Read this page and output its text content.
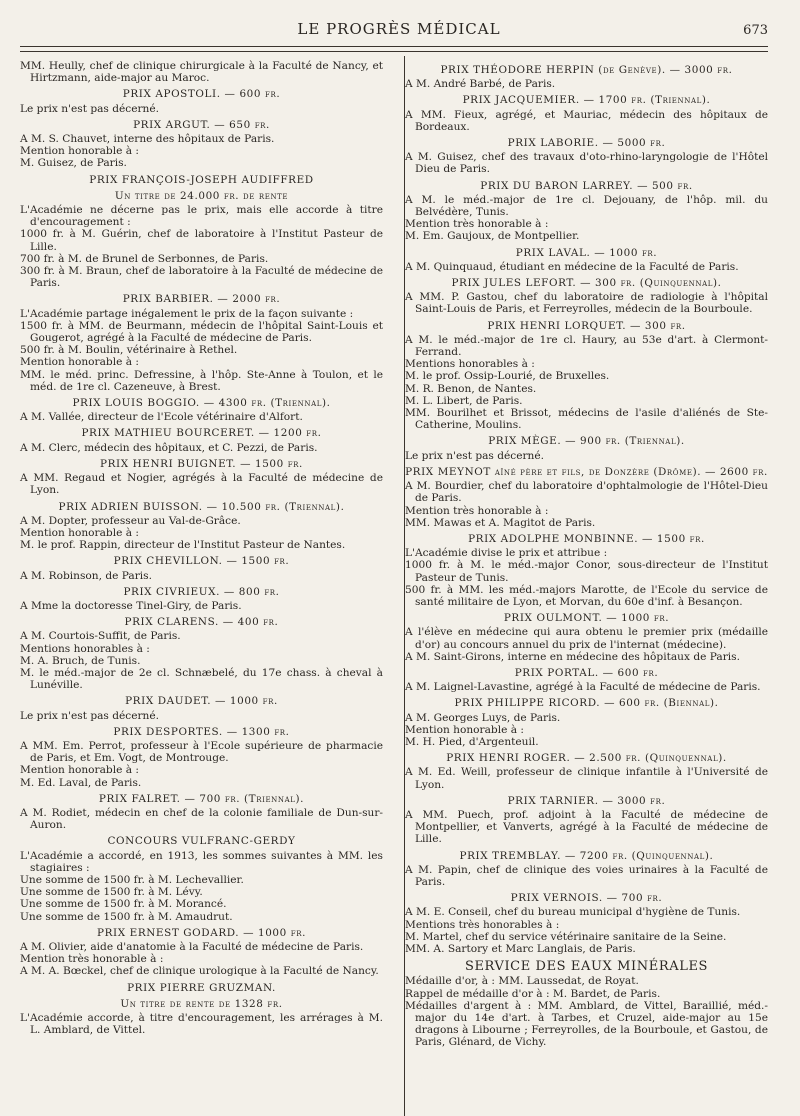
LE PROGRÈS MÉDICAL	673

MM. Heully, chef de clinique chirurgicale à la Faculté de Nancy, et Hirtzmann, aide-major au Maroc.

PRIX APOSTOLI. — 600 fr.

Le prix n'est pas décerné.

PRIX ARGUT. — 650 fr.

A M. S. Chauvet, interne des hôpitaux de Paris.

Mention honorable à :

M. Guisez, de Paris.

PRIX FRANÇOIS-JOSEPH AUDIFFRED
Un titre de 24.000 fr. de rente

L'Académie ne décerne pas le prix, mais elle accorde à titre d'encouragement :

1000 fr. à M. Guérin, chef de laboratoire à l'Institut Pasteur de Lille.

700 fr. à M. de Brunel de Serbonnes, de Paris.

300 fr. à M. Braun, chef de laboratoire à la Faculté de médecine de Paris.

PRIX BARBIER. — 2000 fr.

L'Académie partage inégalement le prix de la façon suivante :

1500 fr. à MM. de Beurmann, médecin de l'hôpital Saint-Louis et Gougerot, agrégé à la Faculté de médecine de Paris.

500 fr. à M. Boulin, vétérinaire à Rethel.

Mention honorable à :

MM. le méd. princ. Defressine, à l'hôp. Ste-Anne à Toulon, et le méd. de 1re cl. Cazeneuve, à Brest.

PRIX LOUIS BOGGIO. — 4300 fr. (Triennal).

A M. Vallée, directeur de l'Ecole vétérinaire d'Alfort.

PRIX MATHIEU BOURCERET. — 1200 fr.

A M. Clerc, médecin des hôpitaux, et C. Pezzi, de Paris.

PRIX HENRI BUIGNET. — 1500 fr.

A MM. Regaud et Nogier, agrégés à la Faculté de médecine de Lyon.

PRIX ADRIEN BUISSON. — 10.500 fr. (Triennal).

A M. Dopter, professeur au Val-de-Grâce.

Mention honorable à :

M. le prof. Rappin, directeur de l'Institut Pasteur de Nantes.

PRIX CHEVILLON. — 1500 fr.

A M. Robinson, de Paris.

PRIX CIVRIEUX. — 800 fr.

A Mme la doctoresse Tinel-Giry, de Paris.

PRIX CLARENS. — 400 fr.

A M. Courtois-Suffit, de Paris.

Mentions honorables à :

M. A. Bruch, de Tunis.

M. le méd.-major de 2e cl. Schnæbelé, du 17e chass. à cheval à Lunéville.

PRIX DAUDET. — 1000 fr.

Le prix n'est pas décerné.

PRIX DESPORTES. — 1300 fr.

A MM. Em. Perrot, professeur à l'Ecole supérieure de pharmacie de Paris, et Em. Vogt, de Montrouge.

Mention honorable à :

M. Ed. Laval, de Paris.

PRIX FALRET. — 700 fr. (Triennal).

A M. Rodiet, médecin en chef de la colonie familiale de Dun-sur-Auron.

CONCOURS VULFRANC-GERDY

L'Académie a accordé, en 1913, les sommes suivantes à MM. les stagiaires :

Une somme de 1500 fr. à M. Lechevallier.

Une somme de 1500 fr. à M. Lévy.

Une somme de 1500 fr. à M. Morancé.

Une somme de 1500 fr. à M. Amaudrut.

PRIX ERNEST GODARD. — 1000 fr.

A M. Olivier, aide d'anatomie à la Faculté de médecine de Paris.

Mention très honorable à :

A M. A. Bœckel, chef de clinique urologique à la Faculté de Nancy.

PRIX PIERRE GRUZMAN.
Un titre de rente de 1328 fr.

L'Académie accorde, à titre d'encouragement, les arrérages à M. L. Amblard, de Vittel.

PRIX THÉODORE HERPIN (de Genève). — 3000 fr.

A M. André Barbé, de Paris.

PRIX JACQUEMIER. — 1700 fr. (Triennal).

A MM. Fieux, agrégé, et Mauriac, médecin des hôpitaux de Bordeaux.

PRIX LABORIE. — 5000 fr.

A M. Guisez, chef des travaux d'oto-rhino-laryngologie de l'Hôtel Dieu de Paris.

PRIX DU BARON LARREY. — 500 fr.

A M. le méd.-major de 1re cl. Dejouany, de l'hôp. mil. du Belvédère, Tunis.

Mention très honorable à :

M. Em. Gaujoux, de Montpellier.

PRIX LAVAL. — 1000 fr.

A M. Quinquaud, étudiant en médecine de la Faculté de Paris.

PRIX JULES LEFORT. — 300 fr. (Quinquennal).

A MM. P. Gastou, chef du laboratoire de radiologie à l'hôpital Saint-Louis de Paris, et Ferreyrolles, médecin de la Bourboule.

PRIX HENRI LORQUET. — 300 fr.

A M. le méd.-major de 1re cl. Haury, au 53e d'art. à Clermont-Ferrand.

Mentions honorables à :

M. le prof. Ossip-Lourié, de Bruxelles.

M. R. Benon, de Nantes.

M. L. Libert, de Paris.

MM. Bourilhet et Brissot, médecins de l'asile d'aliénés de Ste-Catherine, Moulins.

PRIX MÈGE. — 900 fr. (Triennal).

Le prix n'est pas décerné.

PRIX MEYNOT aîné père et fils, de Donzère (Drôme). — 2600 fr.

A M. Bourdier, chef du laboratoire d'ophtalmologie de l'Hôtel-Dieu de Paris.

Mention très honorable à :

MM. Mawas et A. Magitot de Paris.

PRIX ADOLPHE MONBINNE. — 1500 fr.

L'Académie divise le prix et attribue :

1000 fr. à M. le méd.-major Conor, sous-directeur de l'Institut Pasteur de Tunis.

500 fr. à MM. les méd.-majors Marotte, de l'Ecole du service de santé militaire de Lyon, et Morvan, du 60e d'inf. à Besançon.

PRIX OULMONT. — 1000 fr.

A l'élève en médecine qui aura obtenu le premier prix (médaille d'or) au concours annuel du prix de l'internat (médecine).

A M. Saint-Girons, interne en médecine des hôpitaux de Paris.

PRIX PORTAL. — 600 fr.

A M. Laignel-Lavastine, agrégé à la Faculté de médecine de Paris.

PRIX PHILIPPE RICORD. — 600 fr. (Biennal).

A M. Georges Luys, de Paris.

Mention honorable à :

M. H. Pied, d'Argenteuil.

PRIX HENRI ROGER. — 2.500 fr. (Quinquennal).

A M. Ed. Weill, professeur de clinique infantile à l'Université de Lyon.

PRIX TARNIER. — 3000 fr.

A MM. Puech, prof. adjoint à la Faculté de médecine de Montpellier, et Vanverts, agrégé à la Faculté de médecine de Lille.

PRIX TREMBLAY. — 7200 fr. (Quinquennal).

A M. Papin, chef de clinique des voies urinaires à la Faculté de Paris.

PRIX VERNOIS. — 700 fr.

A M. E. Conseil, chef du bureau municipal d'hygiène de Tunis.

Mentions très honorables à :

M. Martel, chef du service vétérinaire sanitaire de la Seine.

MM. A. Sartory et Marc Langlais, de Paris.

SERVICE DES EAUX MINÉRALES

Médaille d'or, à : MM. Laussedat, de Royat.

Rappel de médaille d'or à : M. Bardet, de Paris.

Médailles d'argent à : MM. Amblard, de Vittel, Baraillié, méd.-major du 14e d'art. à Tarbes, et Cruzel, aide-major au 15e dragons à Libourne ; Ferreyrolles, de la Bourboule, et Gastou, de Paris, Glénard, de Vichy.
